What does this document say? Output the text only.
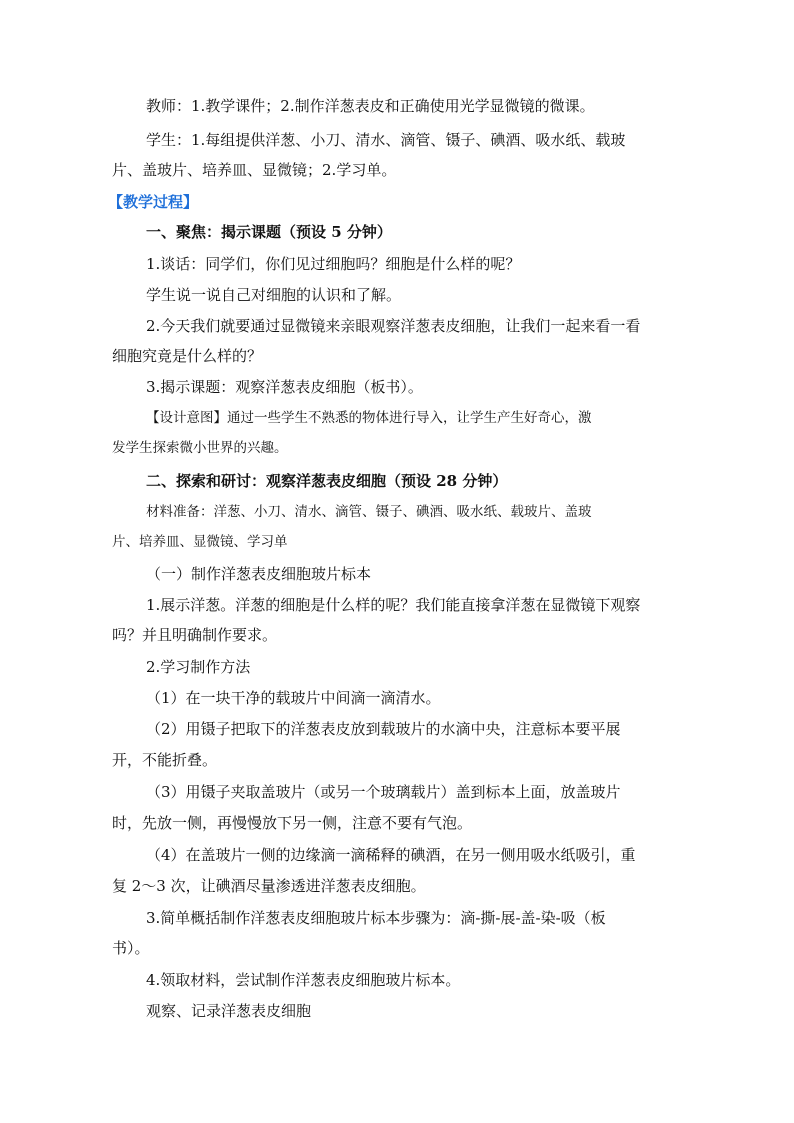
教师：1.教学课件；2.制作洋葱表皮和正确使用光学显微镜的微课。
学生：1.每组提供洋葱、小刀、清水、滴管、镊子、碘酒、吸水纸、载玻
片、盖玻片、培养皿、显微镜；2.学习单。
【教学过程】
一、聚焦：揭示课题（预设 5 分钟）
1.谈话：同学们，你们见过细胞吗？细胞是什么样的呢？
学生说一说自己对细胞的认识和了解。
2.今天我们就要通过显微镜来亲眼观察洋葱表皮细胞，让我们一起来看一看
细胞究竟是什么样的？
3.揭示课题：观察洋葱表皮细胞（板书）。
【设计意图】通过一些学生不熟悉的物体进行导入，让学生产生好奇心，激
发学生探索微小世界的兴趣。
二、探索和研讨：观察洋葱表皮细胞（预设 28 分钟）
材料准备：洋葱、小刀、清水、滴管、镊子、碘酒、吸水纸、载玻片、盖玻
片、培养皿、显微镜、学习单
（一）制作洋葱表皮细胞玻片标本
1.展示洋葱。洋葱的细胞是什么样的呢？我们能直接拿洋葱在显微镜下观察
吗？并且明确制作要求。
2.学习制作方法
（1）在一块干净的载玻片中间滴一滴清水。
（2）用镊子把取下的洋葱表皮放到载玻片的水滴中央，注意标本要平展
开，不能折叠。
（3）用镊子夹取盖玻片（或另一个玻璃载片）盖到标本上面，放盖玻片
时，先放一侧，再慢慢放下另一侧，注意不要有气泡。
（4）在盖玻片一侧的边缘滴一滴稀释的碘酒，在另一侧用吸水纸吸引，重
复 2～3 次，让碘酒尽量渗透进洋葱表皮细胞。
3.简单概括制作洋葱表皮细胞玻片标本步骤为：滴-撕-展-盖-染-吸（板
书）。
4.领取材料，尝试制作洋葱表皮细胞玻片标本。
观察、记录洋葱表皮细胞
